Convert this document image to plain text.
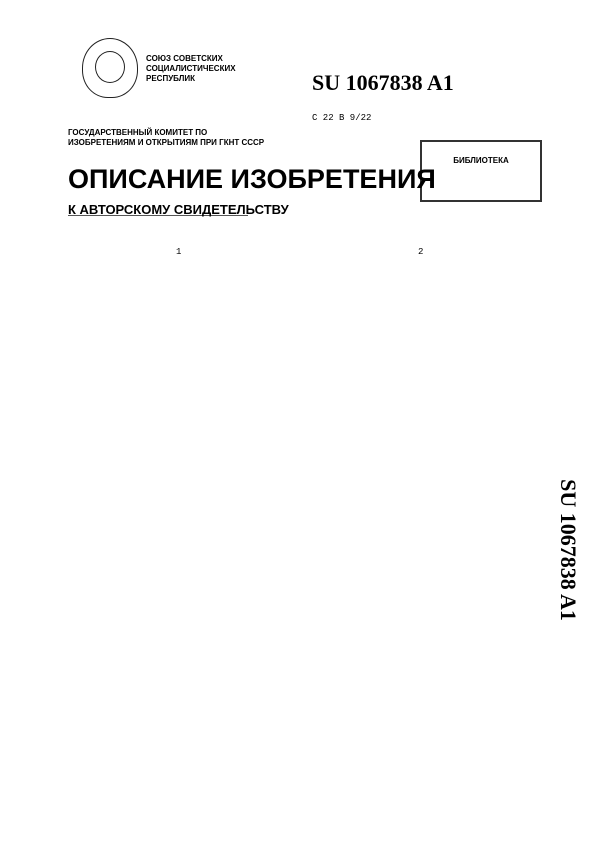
СОЮЗ СОВЕТСКИХ СОЦИАЛИСТИЧЕСКИХ РЕСПУБЛИК	SU 1067838 A1
C 22 B 9/22
ГОСУДАРСТВЕННЫЙ КОМИТЕТ ПО ИЗОБРЕТЕНИЯМ И ОТКРЫТИЯМ ПРИ ГКНТ СССР
БИБЛИОТЕКА
ОПИСАНИЕ ИЗОБРЕТЕНИЯ
К АВТОРСКОМУ СВИДЕТЕЛЬСТВУ
1	2
SU 1067838 A1
